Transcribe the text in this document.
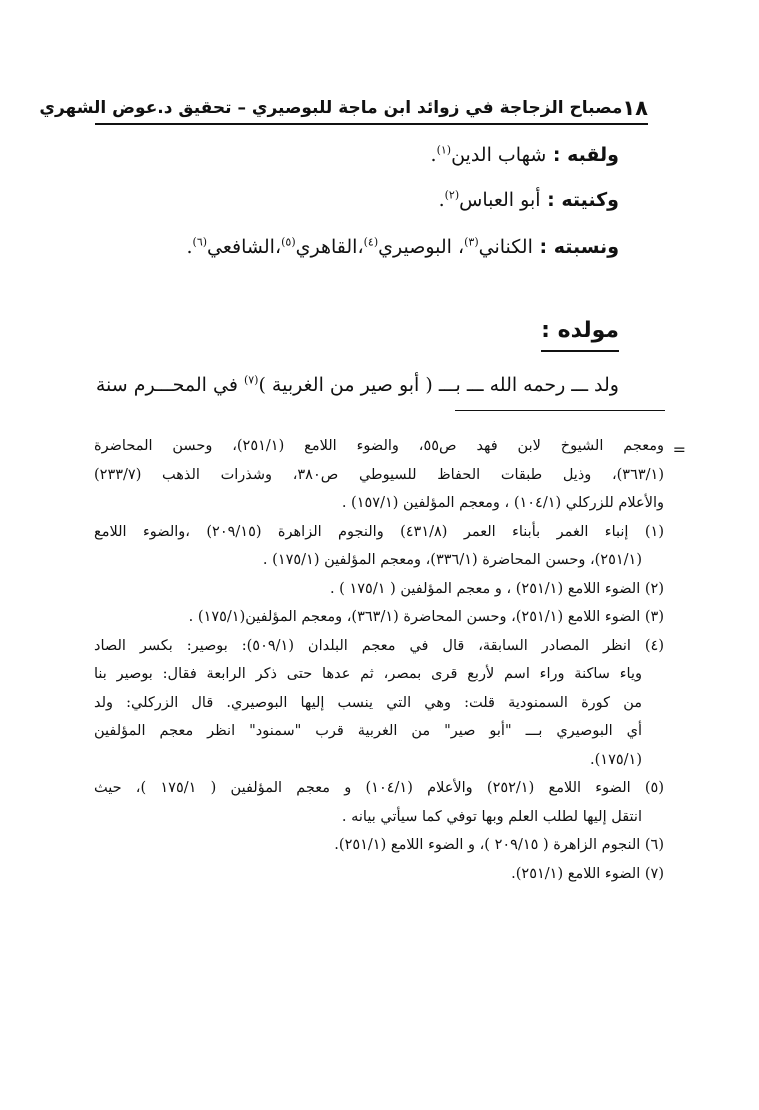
١٨
مصباح الزجاجة في زوائد ابن ماجة للبوصيري – تحقيق د.عوض الشهري
ولقبه : شهاب الدين$^{(١)}$.
وكنيته : أبو العباس$^{(٢)}$.
ونسبته : الكناني$^{(٣)}$، البوصيري$^{(٤)}$،القاهري$^{(٥)}$،الشافعي$^{(٦)}$.
مولده :
ولد ـــ رحمه الله ـــ بـــ ( أبو صير من الغربية )$^{(٧)}$ في المحـــرم سنة
=
ومعجم الشيوخ لابن فهد ص٥٥، والضوء اللامع (٢٥١/١)، وحسن المحاضرة
(٣٦٣/١)، وذيل طبقات الحفاظ للسيوطي ص٣٨٠، وشذرات الذهب (٢٣٣/٧)
والأعلام للزركلي (١٠٤/١) ، ومعجم المؤلفين (١٥٧/١) .
(١) إنباء الغمر بأبناء العمر (٤٣١/٨) والنجوم الزاهرة (٢٠٩/١٥) ،والضوء اللامع
(٢٥١/١)، وحسن المحاضرة (٣٣٦/١)، ومعجم المؤلفين (١٧٥/١) .
(٢) الضوء اللامع (٢٥١/١) ، و معجم المؤلفين ( ١٧٥/١ ) .
(٣) الضوء اللامع (٢٥١/١)، وحسن المحاضرة (٣٦٣/١)، ومعجم المؤلفين(١٧٥/١) .
(٤) انظر المصادر السابقة، قال في معجم البلدان (٥٠٩/١): بوصير: بكسر الصاد
وياء ساكنة وراء اسم لأربع قرى بمصر، ثم عدها حتى ذكر الرابعة فقال: بوصير بنا
من كورة السمنودية قلت: وهي التي ينسب إليها البوصيري. قال الزركلي: ولد
أي البوصيري بـــ "أبو صير" من الغربية قرب "سمنود" انظر معجم المؤلفين
(١٧٥/١).
(٥) الضوء اللامع (٢٥٢/١) والأعلام (١٠٤/١) و معجم المؤلفين ( ١٧٥/١ )، حيث
انتقل إليها لطلب العلم وبها توفي كما سيأتي بيانه .
(٦) النجوم الزاهرة ( ٢٠٩/١٥ )، و الضوء اللامع (٢٥١/١).
(٧) الضوء اللامع (٢٥١/١).
